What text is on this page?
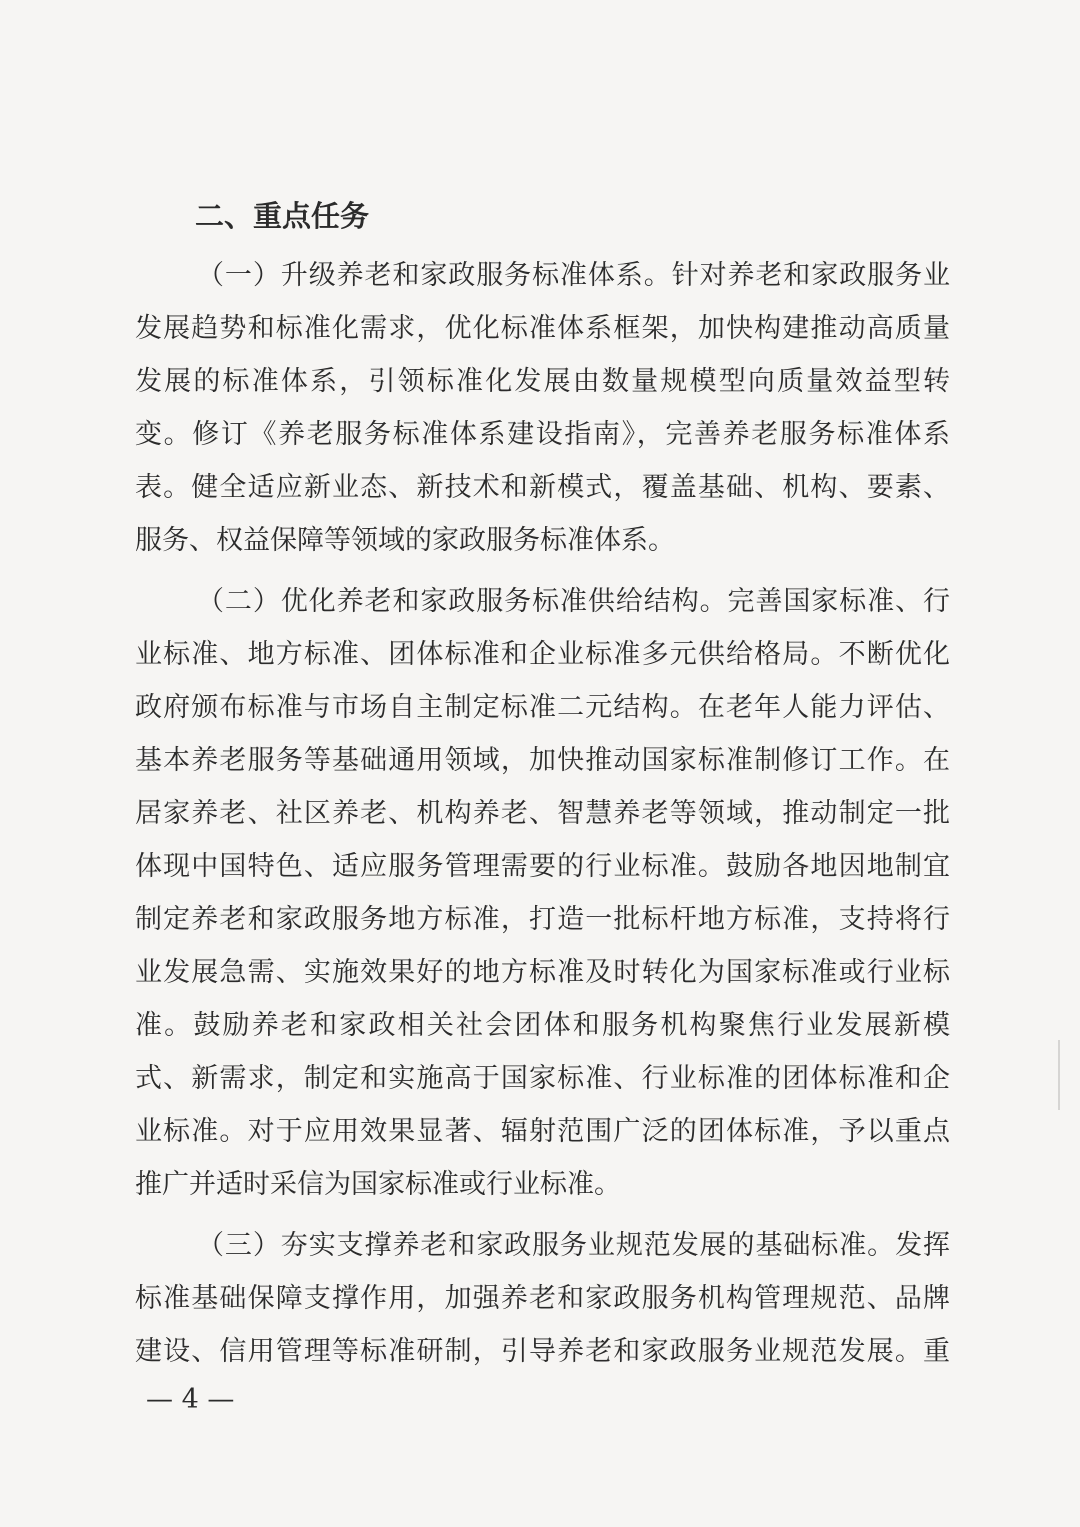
二、重点任务
（一）升级养老和家政服务标准体系。针对养老和家政服务业
发展趋势和标准化需求，优化标准体系框架，加快构建推动高质量
发展的标准体系，引领标准化发展由数量规模型向质量效益型转
变。修订《养老服务标准体系建设指南》，完善养老服务标准体系
表。健全适应新业态、新技术和新模式，覆盖基础、机构、要素、
服务、权益保障等领域的家政服务标准体系。
（二）优化养老和家政服务标准供给结构。完善国家标准、行
业标准、地方标准、团体标准和企业标准多元供给格局。不断优化
政府颁布标准与市场自主制定标准二元结构。在老年人能力评估、
基本养老服务等基础通用领域，加快推动国家标准制修订工作。在
居家养老、社区养老、机构养老、智慧养老等领域，推动制定一批
体现中国特色、适应服务管理需要的行业标准。鼓励各地因地制宜
制定养老和家政服务地方标准，打造一批标杆地方标准，支持将行
业发展急需、实施效果好的地方标准及时转化为国家标准或行业标
准。鼓励养老和家政相关社会团体和服务机构聚焦行业发展新模
式、新需求，制定和实施高于国家标准、行业标准的团体标准和企
业标准。对于应用效果显著、辐射范围广泛的团体标准，予以重点
推广并适时采信为国家标准或行业标准。
（三）夯实支撑养老和家政服务业规范发展的基础标准。发挥
标准基础保障支撑作用，加强养老和家政服务机构管理规范、品牌
建设、信用管理等标准研制，引导养老和家政服务业规范发展。重
— 4 —
